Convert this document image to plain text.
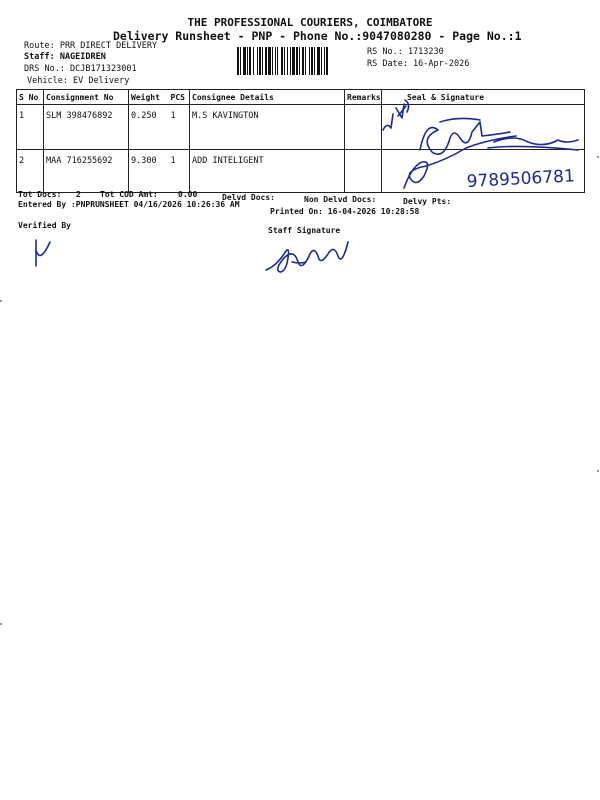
THE PROFESSIONAL COURIERS, COIMBATORE
Delivery Runsheet - PNP - Phone No.:9047080280 - Page No.:1
Route: PRR DIRECT DELIVERY
Staff: NAGEIDREN
DRS No.: DCJB171323001
Vehicle: EV Delivery
RS No.: 1713230
RS Date: 16-Apr-2026
S No	Consignment No	Weight	PCS	Consignee Details	Remarks	Seal & Signature
1	SLM 398476892	0.250	1	M.S KAVINGTON		
2	MAA 716255692	9.300	1	ADD INTELIGENT		
Tot Docs: 2 Tot COD Amt:	0.00	Delvd Docs:	Non Delvd Docs:	Delvy Pts:
Entered By :PNPRUNSHEET 04/16/2026 10:26:36 AM
Printed On: 16-04-2026 10:28:58
Verified By
Staff Signature
9789506781
